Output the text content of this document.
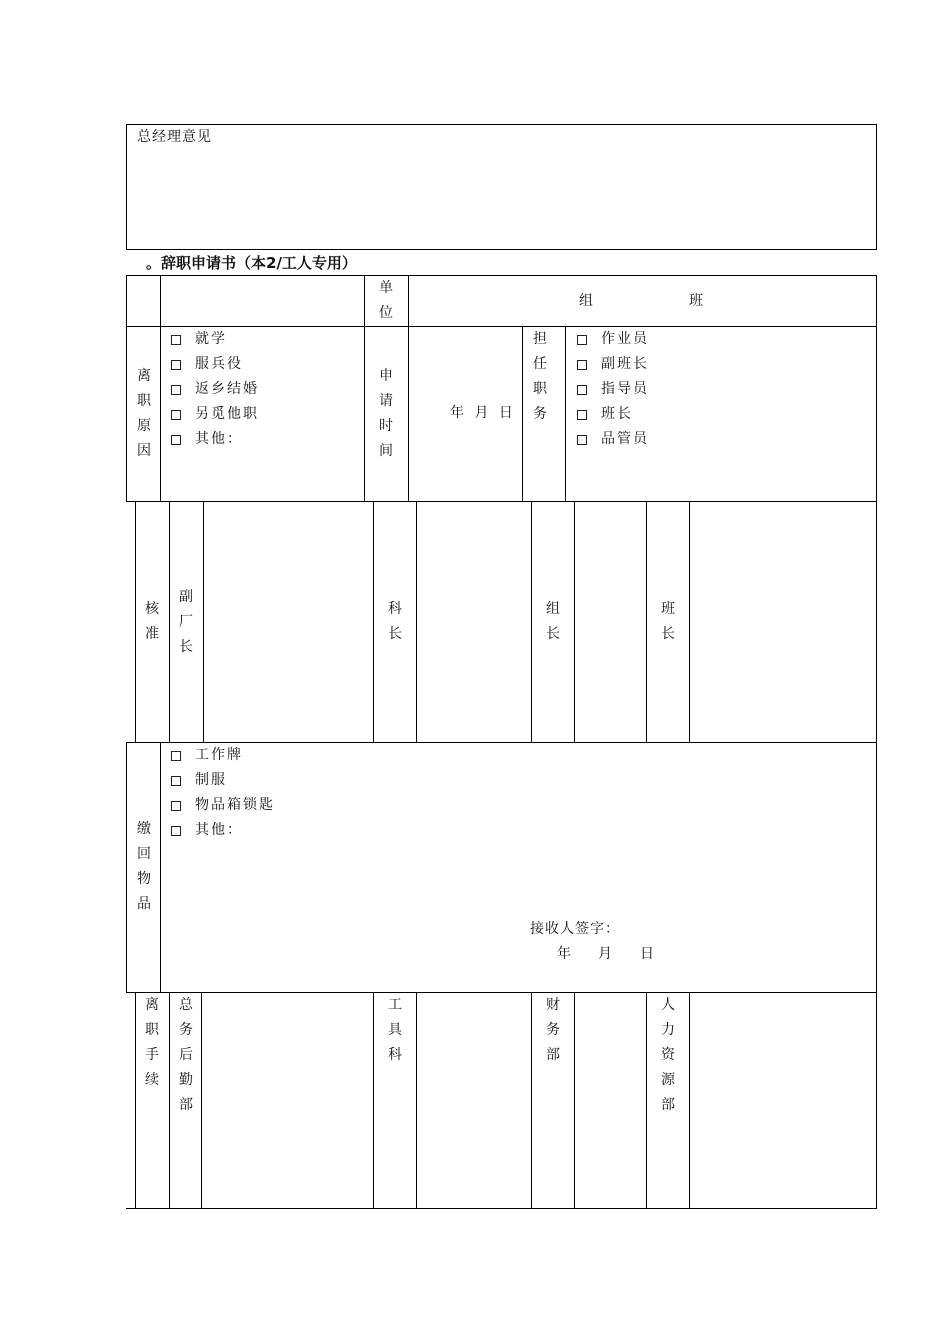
总经理意见
。辞职申请书（本2/工人专用）
单位
组	班
离职原因
就学
服兵役
返乡结婚
另觅他职
其他：
申请时间
年 月 日
担任职务
作业员
副班长
指导员
班长
品管员
核准
副厂长
科长
组长
班长
缴回物品
工作牌
制服
物品箱锁匙
其他：
接收人签字：
年 月 日
离职手续
总务后勤部
工具科
财务部
人力资源部
